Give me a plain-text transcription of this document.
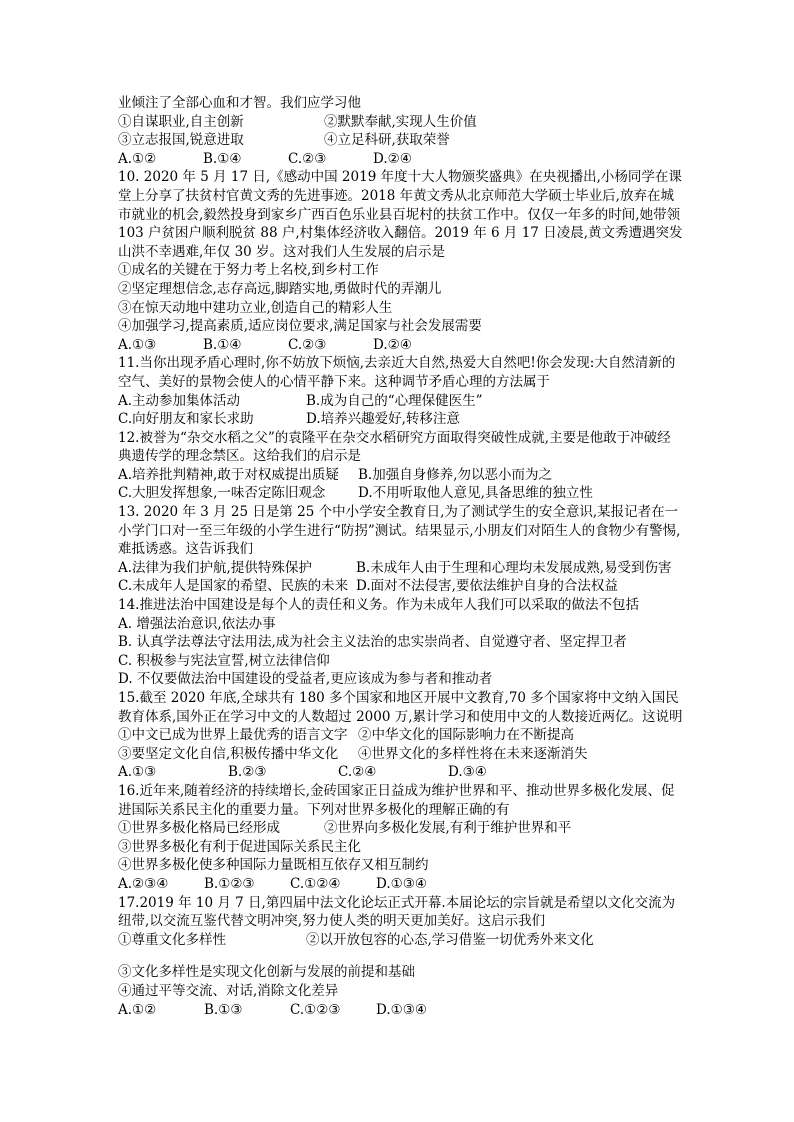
业倾注了全部心血和才智。我们应学习他
①自谋职业,自主创新	②默默奉献,实现人生价值
③立志报国,锐意进取	④立足科研,获取荣誉
A.①②	B.①④	C.②③	D.②④
10. 2020 年 5 月 17 日,《感动中国 2019 年度十大人物颁奖盛典》在央视播出,小杨同学在课堂上分享了扶贫村官黄文秀的先进事迹。2018 年黄文秀从北京师范大学硕士毕业后,放弃在城市就业的机会,毅然投身到家乡广西百色乐业县百坭村的扶贫工作中。仅仅一年多的时间,她带领 103 户贫困户顺利脱贫 88 户,村集体经济收入翻倍。2019 年 6 月 17 日凌晨,黄文秀遭遇突发山洪不幸遇难,年仅 30 岁。这对我们人生发展的启示是
①成名的关键在于努力考上名校,到乡村工作
②坚定理想信念,志存高远,脚踏实地,勇做时代的弄潮儿
③在惊天动地中建功立业,创造自己的精彩人生
④加强学习,提高素质,适应岗位要求,满足国家与社会发展需要
A.①③	B.①④	C.②③	D.②④
11.当你出现矛盾心理时,你不妨放下烦恼,去亲近大自然,热爱大自然吧!你会发现:大自然清新的空气、美好的景物会使人的心情平静下来。这种调节矛盾心理的方法属于
A.主动参加集体活动	B.成为自己的“心理保健医生”
C.向好朋友和家长求助	D.培养兴趣爱好,转移注意
12.被誉为“杂交水稻之父”的袁隆平在杂交水稻研究方面取得突破性成就,主要是他敢于冲破经典遗传学的理念禁区。这给我们的启示是
A.培养批判精神,敢于对权威提出质疑	B.加强自身修养,勿以恶小而为之
C.大胆发挥想象,一味否定陈旧观念	D.不用听取他人意见,具备思维的独立性
13. 2020 年 3 月 25 日是第 25 个中小学安全教育日,为了测试学生的安全意识,某报记者在一小学门口对一至三年级的小学生进行“防拐”测试。结果显示,小朋友们对陌生人的食物少有警惕,难抵诱惑。这告诉我们
A.法律为我们护航,提供特殊保护	B.未成年人由于生理和心理均未发展成熟,易受到伤害
C.未成年人是国家的希望、民族的未来 D.面对不法侵害,要依法维护自身的合法权益
14.推进法治中国建设是每个人的责任和义务。作为未成年人我们可以采取的做法不包括
A. 增强法治意识,依法办事
B. 认真学法尊法守法用法,成为社会主义法治的忠实崇尚者、自觉遵守者、坚定捍卫者
C. 积极参与宪法宣誓,树立法律信仰
D. 不仅要做法治中国建设的受益者,更应该成为参与者和推动者
15.截至 2020 年底,全球共有 180 多个国家和地区开展中文教育,70 多个国家将中文纳入国民教育体系,国外正在学习中文的人数超过 2000 万,累计学习和使用中文的人数接近两亿。这说明
①中文已成为世界上最优秀的语言文字 ②中华文化的国际影响力在不断提高
③要坚定文化自信,积极传播中华文化	④世界文化的多样性将在未来逐渐消失
A.①③	B.②③	C.②④	D.③④
16.近年来,随着经济的持续增长,金砖国家正日益成为维护世界和平、推动世界多极化发展、促进国际关系民主化的重要力量。下列对世界多极化的理解正确的有
①世界多极化格局已经形成	②世界向多极化发展,有利于维护世界和平
③世界多极化有利于促进国际关系民主化
④世界多极化使多种国际力量既相互依存又相互制约
A.②③④	B.①②③	C.①②④	D.①③④
17.2019 年 10 月 7 日,第四届中法文化论坛正式开幕.本届论坛的宗旨就是希望以文化交流为纽带,以交流互鉴代替文明冲突,努力使人类的明天更加美好。这启示我们
①尊重文化多样性	②以开放包容的心态,学习借鉴一切优秀外来文化
③文化多样性是实现文化创新与发展的前提和基础
④通过平等交流、对话,消除文化差异
A.①②	B.①③	C.①②③	D.①③④
